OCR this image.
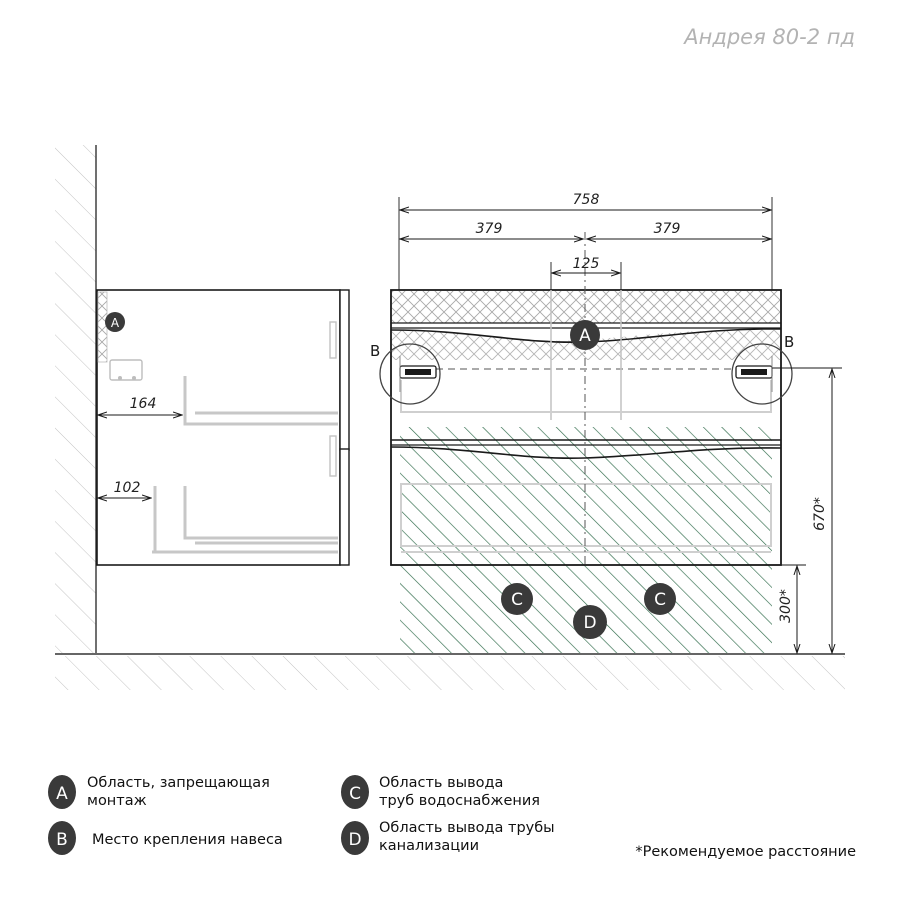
Андрея 80-2 пд
164
102
A
B	B
A
C	C
D
758
379	379
125
670*
300*
A
Область, запрещающая
монтаж
B Место крепления навеса
C
Область вывода
труб водоснабжения
D
Область вывода трубы
канализации	*Рекомендуемое расстояние
